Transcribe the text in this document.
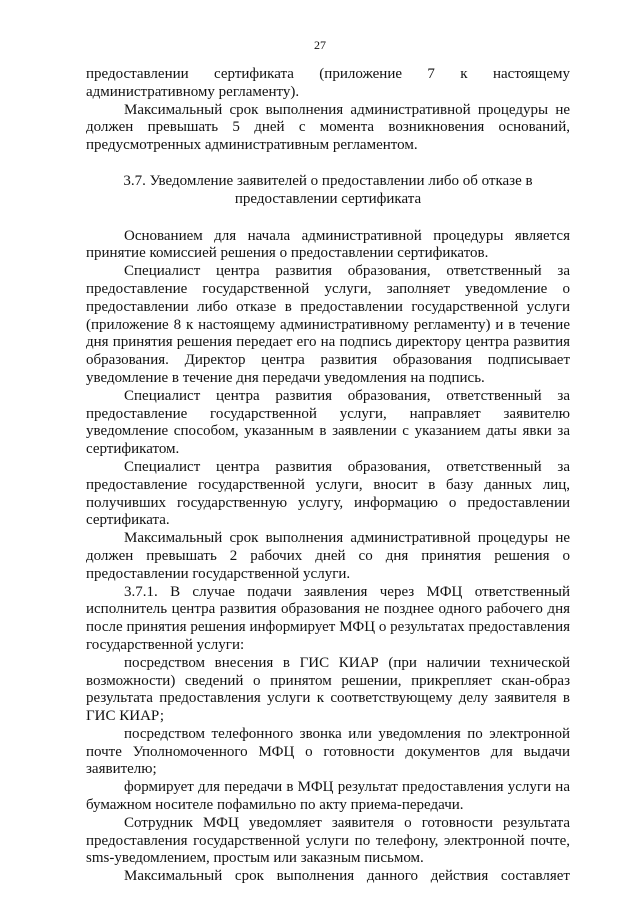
27

предоставлении сертификата (приложение 7 к настоящему административному регламенту).

Максимальный срок выполнения административной процедуры не должен превышать 5 дней с момента возникновения оснований, предусмотренных административным регламентом.

3.7. Уведомление заявителей о предоставлении либо об отказе в предоставлении сертификата

Основанием для начала административной процедуры является принятие комиссией решения о предоставлении сертификатов.

Специалист центра развития образования, ответственный за предоставление государственной услуги, заполняет уведомление о предоставлении либо отказе в предоставлении государственной услуги (приложение 8 к настоящему административному регламенту) и в течение дня принятия решения передает его на подпись директору центра развития образования. Директор центра развития образования подписывает уведомление в течение дня передачи уведомления на подпись.

Специалист центра развития образования, ответственный за предоставление государственной услуги, направляет заявителю уведомление способом, указанным в заявлении с указанием даты явки за сертификатом.

Специалист центра развития образования, ответственный за предоставление государственной услуги, вносит в базу данных лиц, получивших государственную услугу, информацию о предоставлении сертификата.

Максимальный срок выполнения административной процедуры не должен превышать 2 рабочих дней со дня принятия решения о предоставлении государственной услуги.

3.7.1. В случае подачи заявления через МФЦ ответственный исполнитель центра развития образования не позднее одного рабочего дня после принятия решения информирует МФЦ о результатах предоставления государственной услуги:

посредством внесения в ГИС КИАР (при наличии технической возможности) сведений о принятом решении, прикрепляет скан-образ результата предоставления услуги к соответствующему делу заявителя в ГИС КИАР;

посредством телефонного звонка или уведомления по электронной почте Уполномоченного МФЦ о готовности документов для выдачи заявителю;

формирует для передачи в МФЦ результат предоставления услуги на бумажном носителе пофамильно по акту приема-передачи.

Сотрудник МФЦ уведомляет заявителя о готовности результата предоставления государственной услуги по телефону, электронной почте, sms-уведомлением, простым или заказным письмом.

Максимальный срок выполнения данного действия составляет
